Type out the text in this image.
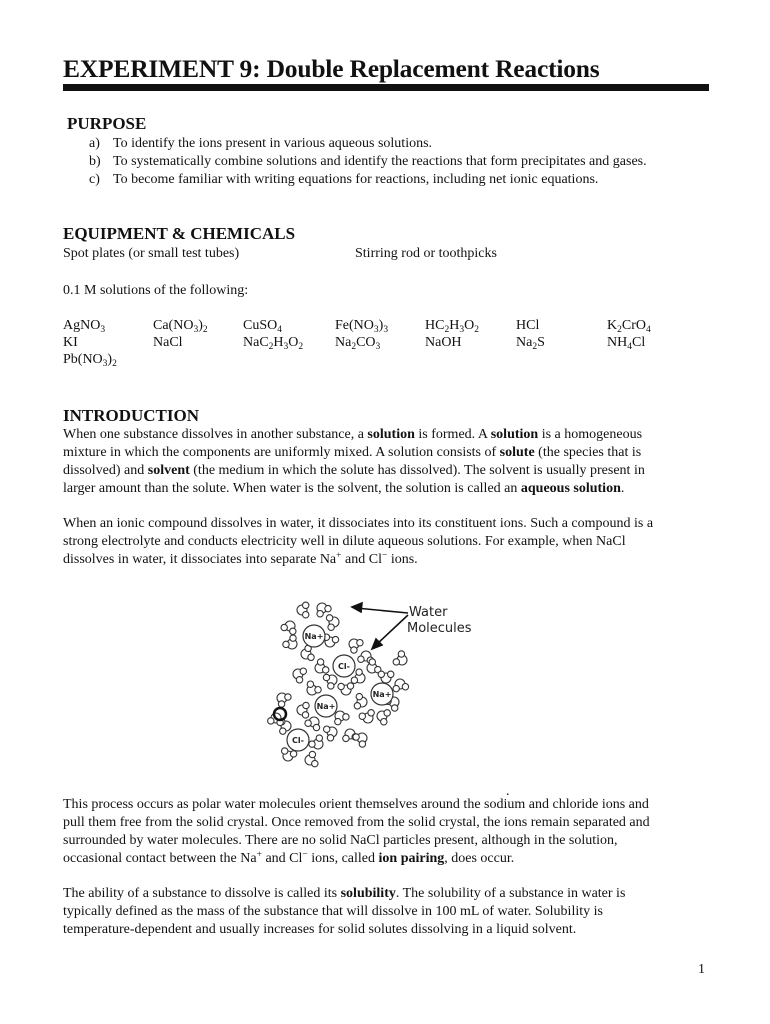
EXPERIMENT 9: Double Replacement Reactions
PURPOSE
a) To identify the ions present in various aqueous solutions.
b) To systematically combine solutions and identify the reactions that form precipitates and gases.
c) To become familiar with writing equations for reactions, including net ionic equations.
EQUIPMENT & CHEMICALS
Spot plates (or small test tubes)	Stirring rod or toothpicks
0.1 M solutions of the following:
AgNO$_3$
KI
$Pb(NO_3)_2$
$Ca(NO_3)_2$
NaCl
CuSO$_4$
$NaC_2H_3O_2$
$Fe(NO_3)_3$
$Na_2CO_3$
$HC_2H_3O_2$
NaOH
HCl
$Na_2S$
$K_2CrO_4$
$NH_4Cl$
INTRODUCTION
When one substance dissolves in another substance, a solution is formed. A solution is a homogeneous
mixture in which the components are uniformly mixed. A solution consists of solute (the species that is
dissolved) and solvent (the medium in which the solute has dissolved). The solvent is usually present in
larger amount than the solute. When water is the solvent, the solution is called an aqueous solution.
When an ionic compound dissolves in water, it dissociates into its constituent ions. Such a compound is a
strong electrolyte and conducts electricity well in dilute aqueous solutions. For example, when NaCl
dissolves in water, it dissociates into separate Na+ and Cl− ions.
Na+
Cl-
Na+
Na+
Cl-
Water
Molecules
.
This process occurs as polar water molecules orient themselves around the sodium and chloride ions and
pull them free from the solid crystal. Once removed from the solid crystal, the ions remain separated and
surrounded by water molecules. There are no solid NaCl particles present, although in the solution,
occasional contact between the Na+ and Cl− ions, called ion pairing, does occur.
The ability of a substance to dissolve is called its solubility. The solubility of a substance in water is
typically defined as the mass of the substance that will dissolve in 100 mL of water. Solubility is
temperature-dependent and usually increases for solid solutes dissolving in a liquid solvent.
1
